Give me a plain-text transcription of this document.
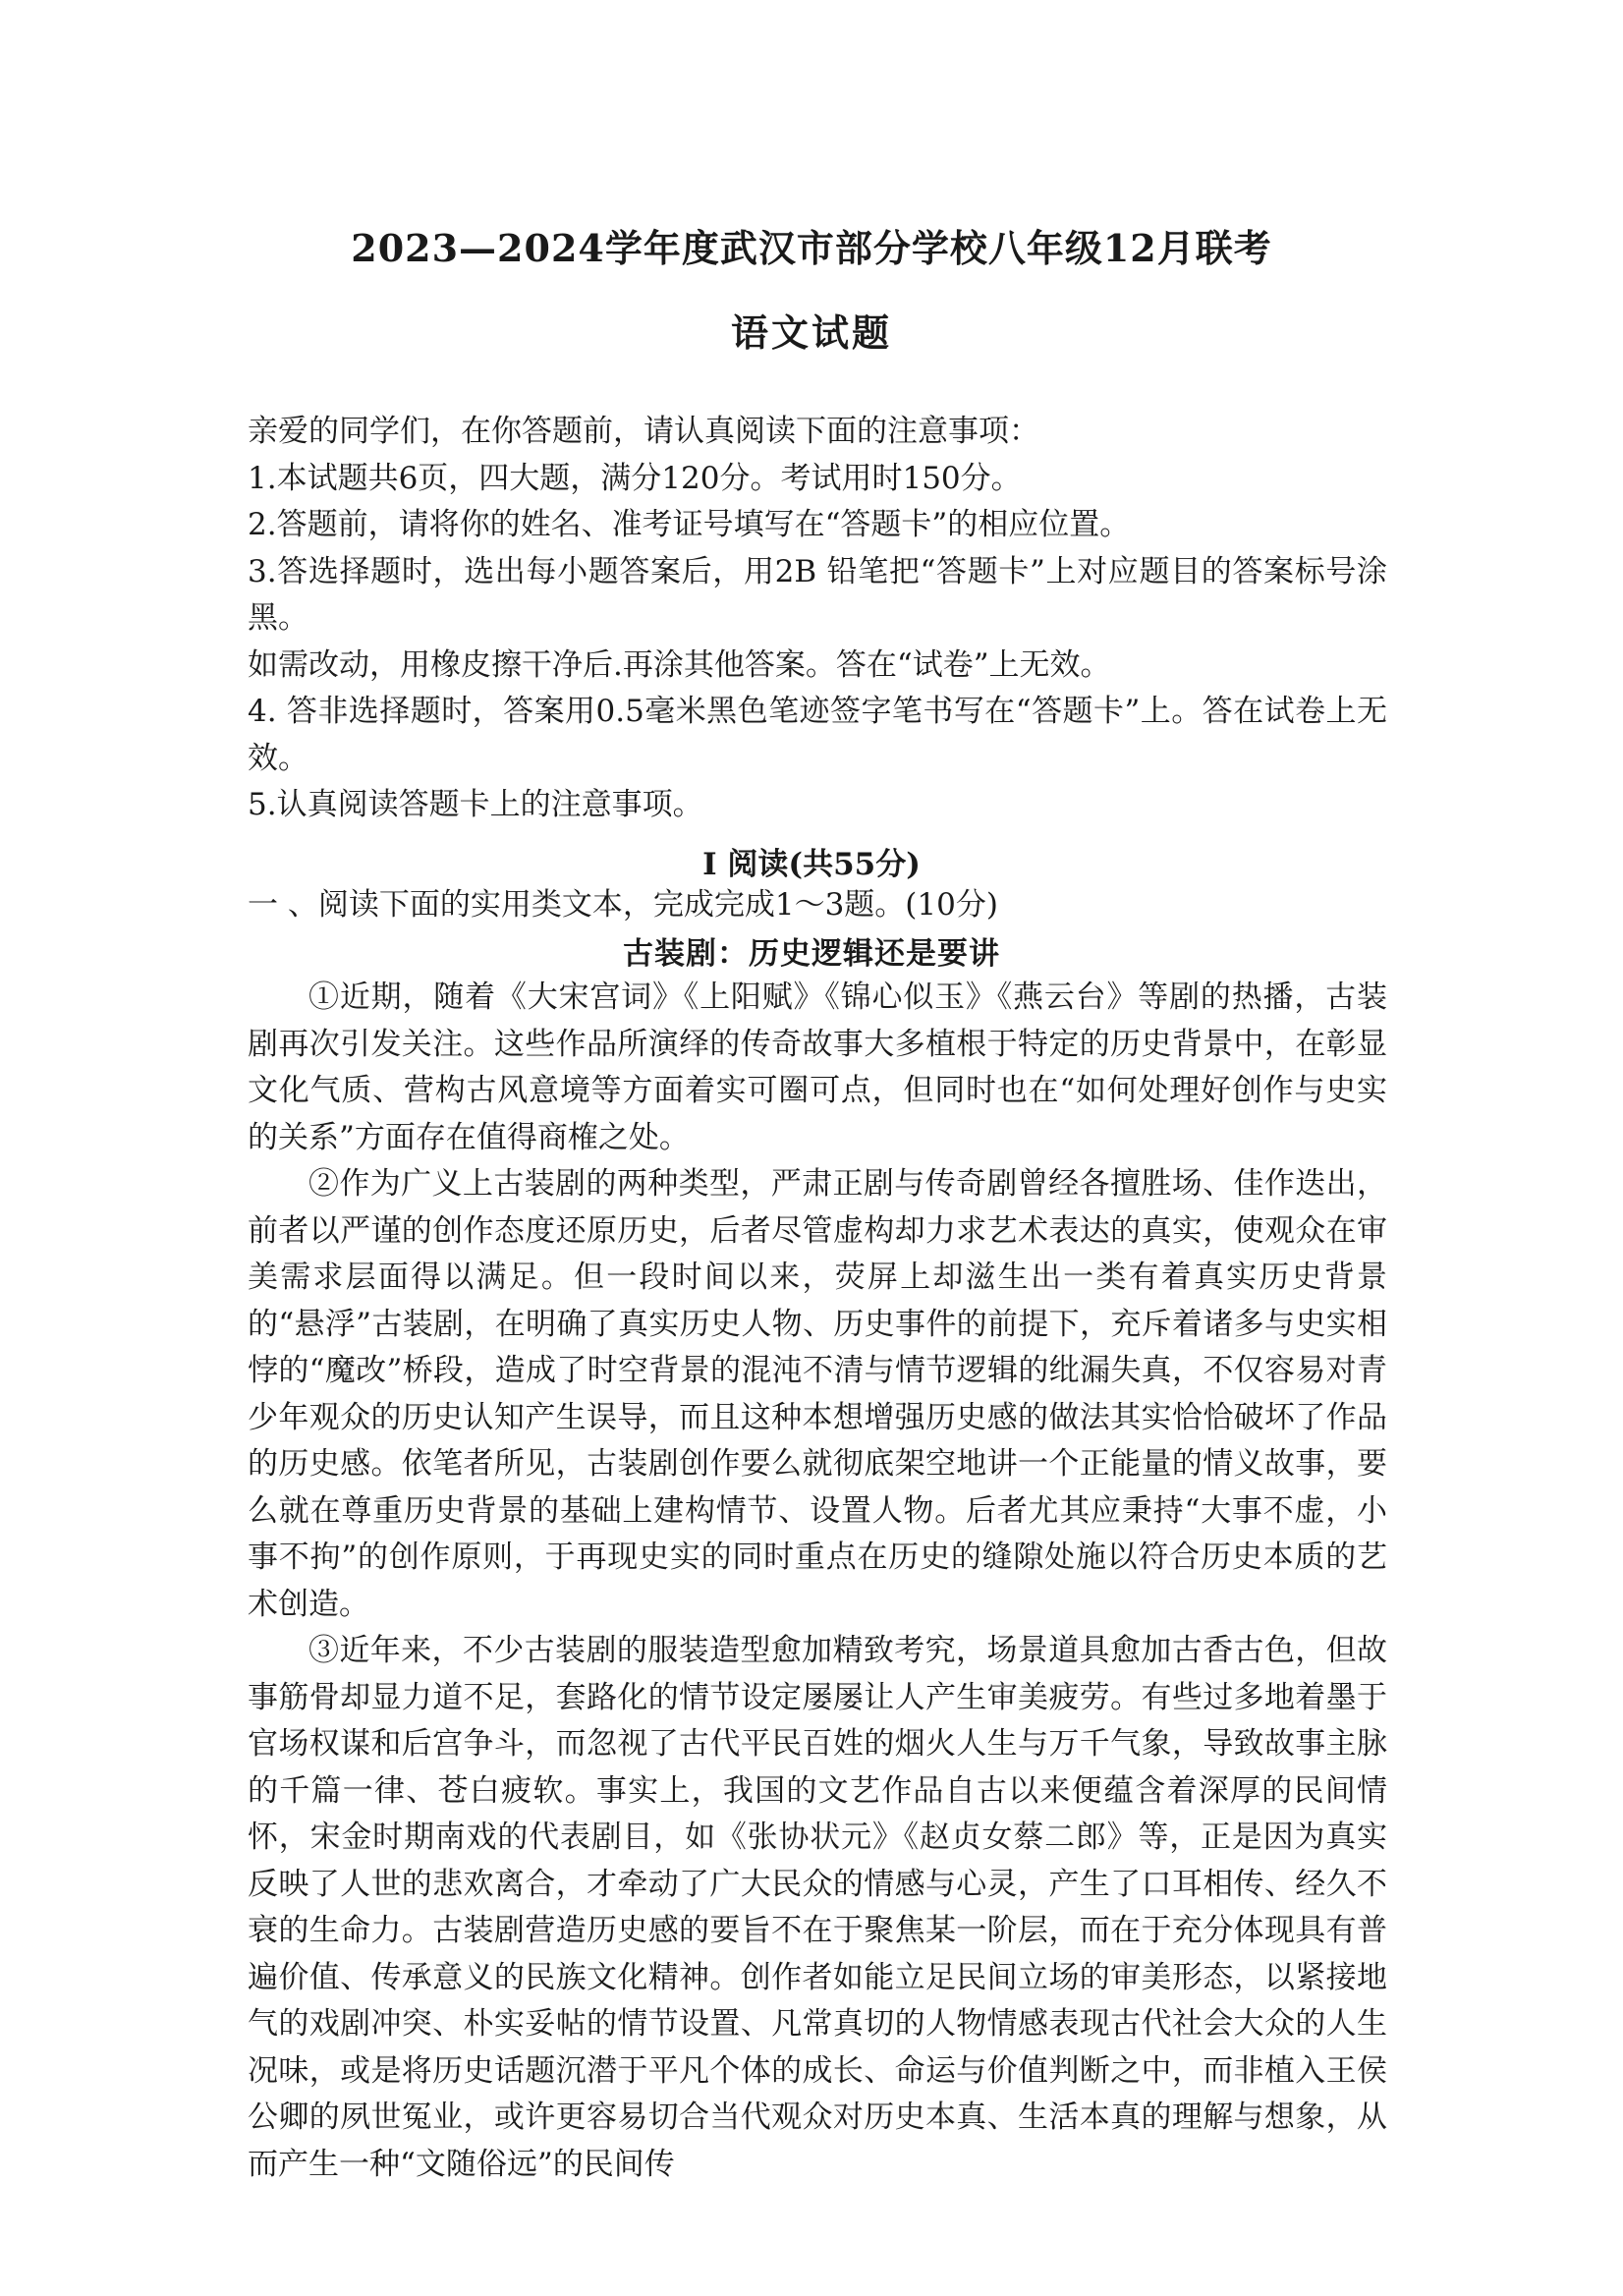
2023—2024学年度武汉市部分学校八年级12月联考
语文试题

亲爱的同学们，在你答题前，请认真阅读下面的注意事项：

1.本试题共6页，四大题，满分120分。考试用时150分。

2.答题前，请将你的姓名、准考证号填写在“答题卡”的相应位置。

3.答选择题时，选出每小题答案后，用2B 铅笔把“答题卡”上对应题目的答案标号涂黑。

如需改动，用橡皮擦干净后.再涂其他答案。答在“试卷”上无效。

4. 答非选择题时，答案用0.5毫米黑色笔迹签字笔书写在“答题卡”上。答在试卷上无效。

5.认真阅读答题卡上的注意事项。

Ⅰ 阅读(共55分)
一 、阅读下面的实用类文本，完成完成1～3题。(10分)
古装剧：历史逻辑还是要讲

①近期，随着《大宋宫词》《上阳赋》《锦心似玉》《燕云台》等剧的热播，古装剧再次引发关注。这些作品所演绎的传奇故事大多植根于特定的历史背景中，在彰显文化气质、营构古风意境等方面着实可圈可点，但同时也在“如何处理好创作与史实的关系”方面存在值得商榷之处。

②作为广义上古装剧的两种类型，严肃正剧与传奇剧曾经各擅胜场、佳作迭出，前者以严谨的创作态度还原历史，后者尽管虚构却力求艺术表达的真实，使观众在审美需求层面得以满足。但一段时间以来，荧屏上却滋生出一类有着真实历史背景的“悬浮”古装剧，在明确了真实历史人物、历史事件的前提下，充斥着诸多与史实相悖的“魔改”桥段，造成了时空背景的混沌不清与情节逻辑的纰漏失真，不仅容易对青少年观众的历史认知产生误导，而且这种本想增强历史感的做法其实恰恰破坏了作品的历史感。依笔者所见，古装剧创作要么就彻底架空地讲一个正能量的情义故事，要么就在尊重历史背景的基础上建构情节、设置人物。后者尤其应秉持“大事不虚，小事不拘”的创作原则，于再现史实的同时重点在历史的缝隙处施以符合历史本质的艺术创造。

③近年来，不少古装剧的服装造型愈加精致考究，场景道具愈加古香古色，但故事筋骨却显力道不足，套路化的情节设定屡屡让人产生审美疲劳。有些过多地着墨于官场权谋和后宫争斗，而忽视了古代平民百姓的烟火人生与万千气象，导致故事主脉的千篇一律、苍白疲软。事实上，我国的文艺作品自古以来便蕴含着深厚的民间情怀，宋金时期南戏的代表剧目，如《张协状元》《赵贞女蔡二郎》等，正是因为真实反映了人世的悲欢离合，才牵动了广大民众的情感与心灵，产生了口耳相传、经久不衰的生命力。古装剧营造历史感的要旨不在于聚焦某一阶层，而在于充分体现具有普遍价值、传承意义的民族文化精神。创作者如能立足民间立场的审美形态，以紧接地气的戏剧冲突、朴实妥帖的情节设置、凡常真切的人物情感表现古代社会大众的人生况味，或是将历史话题沉潜于平凡个体的成长、命运与价值判断之中，而非植入王侯公卿的夙世冤业，或许更容易切合当代观众对历史本真、生活本真的理解与想象，从而产生一种“文随俗远”的民间传
